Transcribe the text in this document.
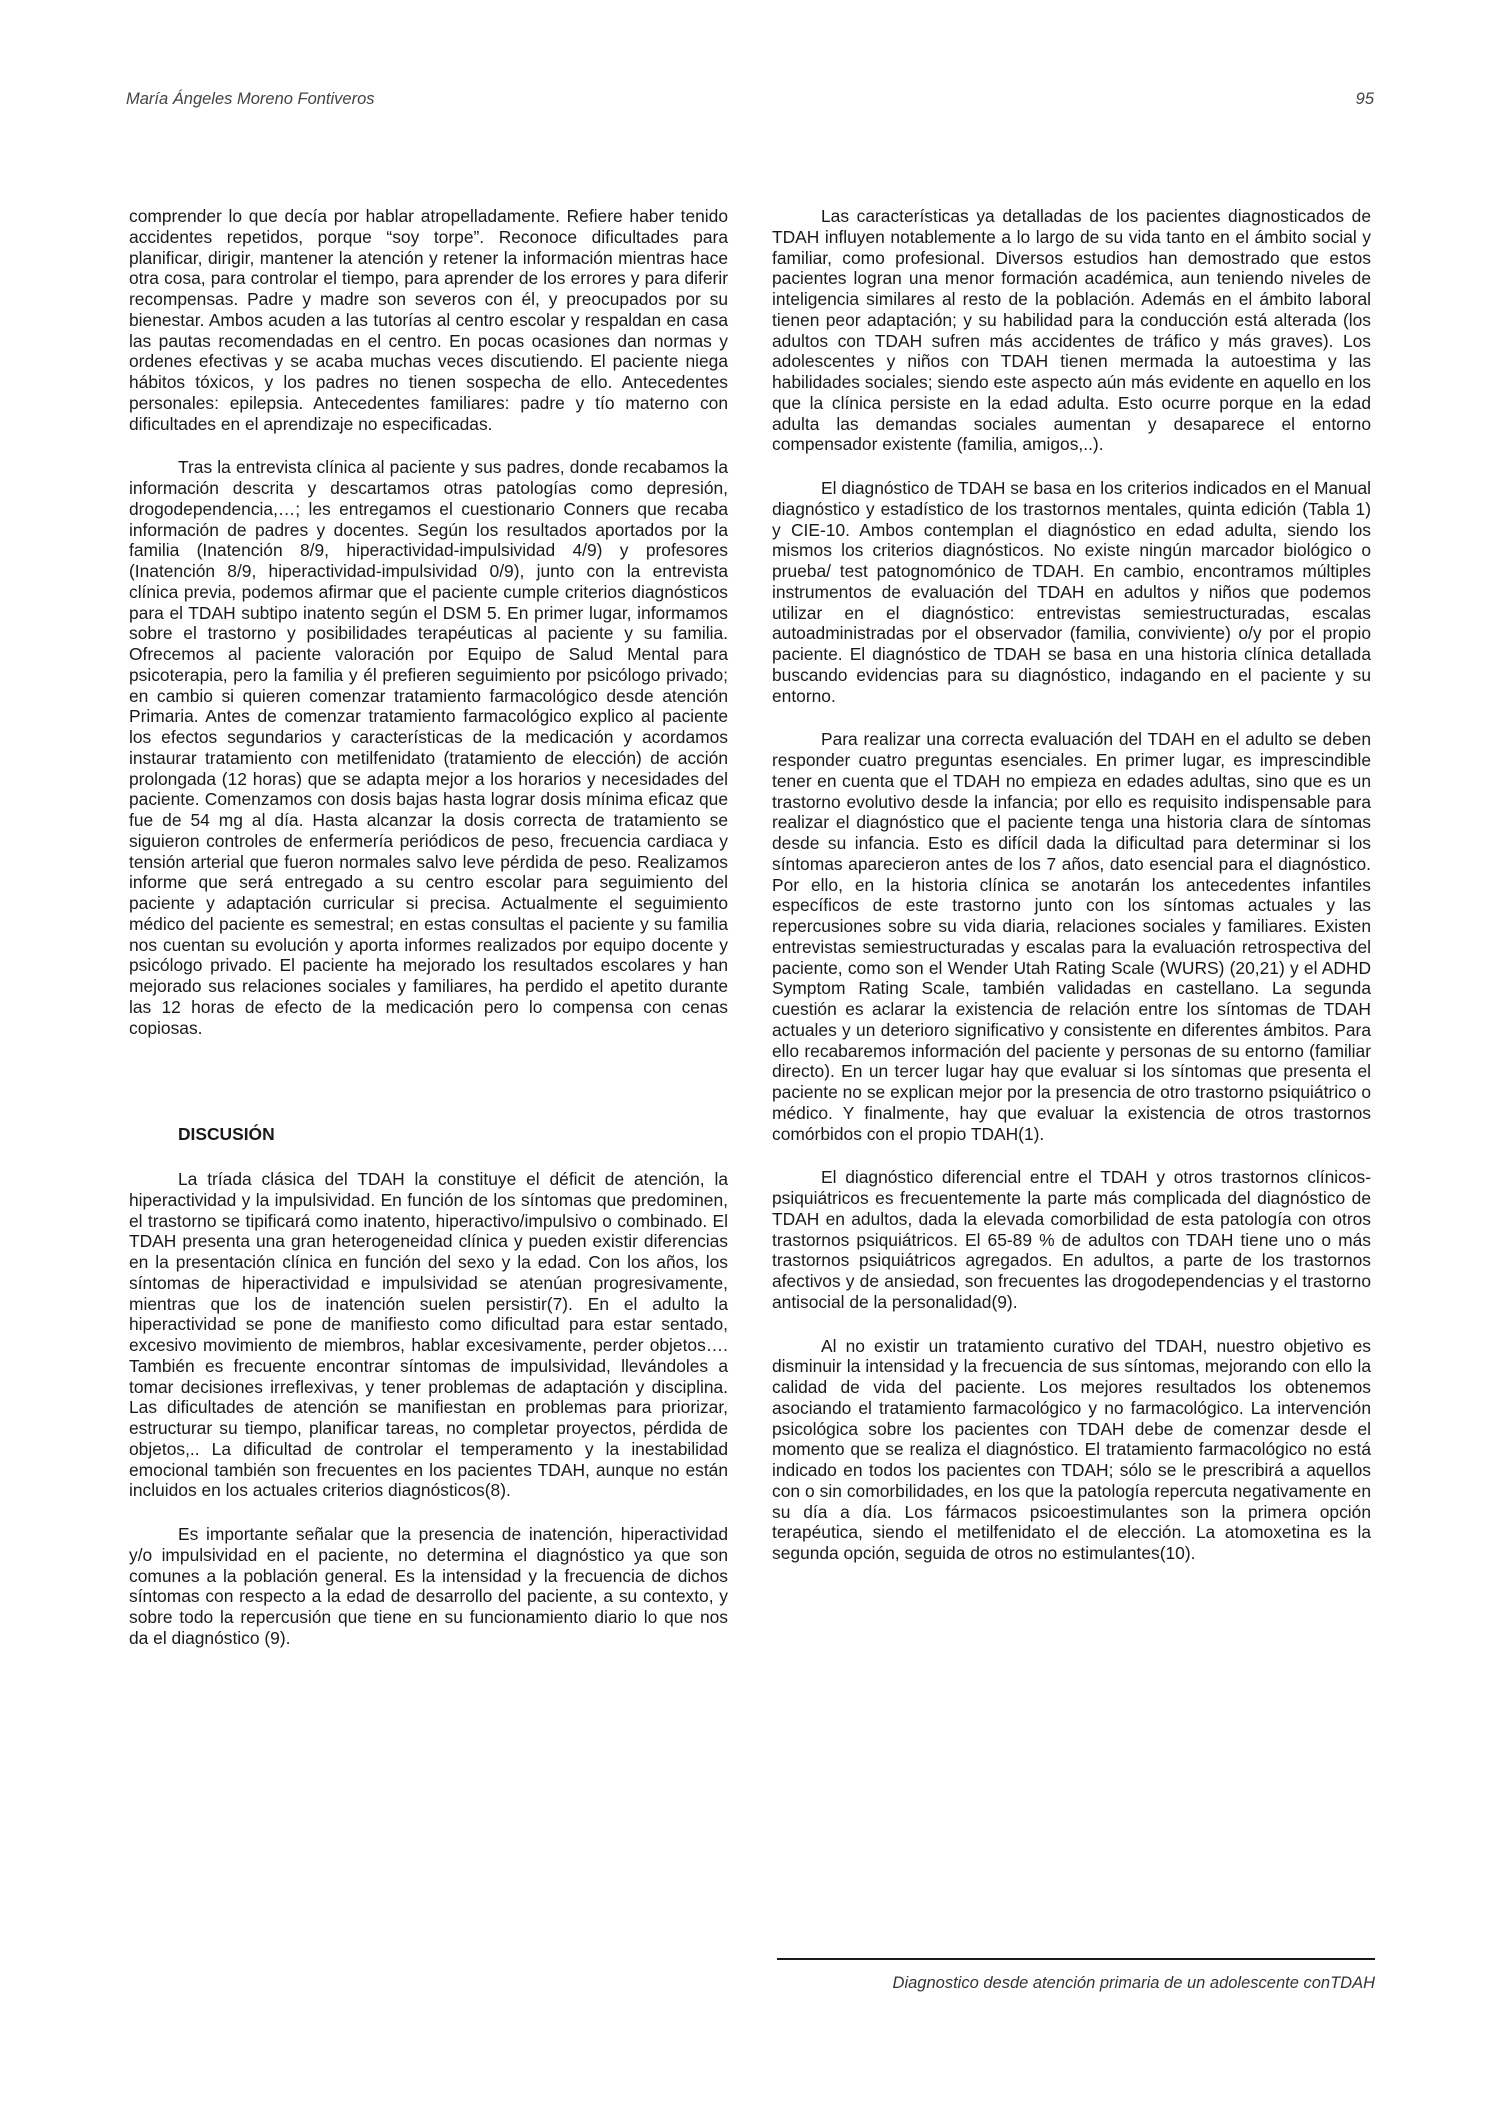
María Ángeles Moreno Fontiveros	95

comprender lo que decía por hablar atropelladamente. Refiere haber tenido accidentes repetidos, porque “soy torpe”. Reconoce dificultades para planificar, dirigir, mantener la atención y retener la información mientras hace otra cosa, para controlar el tiempo, para aprender de los errores y para diferir recompensas. Padre y madre son severos con él, y preocupados por su bienestar. Ambos acuden a las tutorías al centro escolar y respaldan en casa las pautas recomendadas en el centro. En pocas ocasiones dan normas y ordenes efectivas y se acaba muchas veces discutiendo. El paciente niega hábitos tóxicos, y los padres no tienen sospecha de ello. Antecedentes personales: epilepsia. Antecedentes familiares: padre y tío materno con dificultades en el aprendizaje no especificadas.

Tras la entrevista clínica al paciente y sus padres, donde recabamos la información descrita y descartamos otras patologías como depresión, drogodependencia,…; les entregamos el cuestionario Conners que recaba información de padres y docentes. Según los resultados aportados por la familia (Inatención 8/9, hiperactividad-impulsividad 4/9) y profesores (Inatención 8/9, hiperactividad-impulsividad 0/9), junto con la entrevista clínica previa, podemos afirmar que el paciente cumple criterios diagnósticos para el TDAH subtipo inatento según el DSM 5. En primer lugar, informamos sobre el trastorno y posibilidades terapéuticas al paciente y su familia. Ofrecemos al paciente valoración por Equipo de Salud Mental para psicoterapia, pero la familia y él prefieren seguimiento por psicólogo privado; en cambio si quieren comenzar tratamiento farmacológico desde atención Primaria. Antes de comenzar tratamiento farmacológico explico al paciente los efectos segundarios y características de la medicación y acordamos instaurar tratamiento con metilfenidato (tratamiento de elección) de acción prolongada (12 horas) que se adapta mejor a los horarios y necesidades del paciente. Comenzamos con dosis bajas hasta lograr dosis mínima eficaz que fue de 54 mg al día. Hasta alcanzar la dosis correcta de tratamiento se siguieron controles de enfermería periódicos de peso, frecuencia cardiaca y tensión arterial que fueron normales salvo leve pérdida de peso. Realizamos informe que será entregado a su centro escolar para seguimiento del paciente y adaptación curricular si precisa. Actualmente el seguimiento médico del paciente es semestral; en estas consultas el paciente y su familia nos cuentan su evolución y aporta informes realizados por equipo docente y psicólogo privado. El paciente ha mejorado los resultados escolares y han mejorado sus relaciones sociales y familiares, ha perdido el apetito durante las 12 horas de efecto de la medicación pero lo compensa con cenas copiosas.

DISCUSIÓN

La tríada clásica del TDAH la constituye el déficit de atención, la hiperactividad y la impulsividad. En función de los síntomas que predominen, el trastorno se tipificará como inatento, hiperactivo/impulsivo o combinado. El TDAH presenta una gran heterogeneidad clínica y pueden existir diferencias en la presentación clínica en función del sexo y la edad. Con los años, los síntomas de hiperactividad e impulsividad se atenúan progresivamente, mientras que los de inatención suelen persistir(7). En el adulto la hiperactividad se pone de manifiesto como dificultad para estar sentado, excesivo movimiento de miembros, hablar excesivamente, perder objetos…. También es frecuente encontrar síntomas de impulsividad, llevándoles a tomar decisiones irreflexivas, y tener problemas de adaptación y disciplina. Las dificultades de atención se manifiestan en problemas para priorizar, estructurar su tiempo, planificar tareas, no completar proyectos, pérdida de objetos,.. La dificultad de controlar el temperamento y la inestabilidad emocional también son frecuentes en los pacientes TDAH, aunque no están incluidos en los actuales criterios diagnósticos(8).

Es importante señalar que la presencia de inatención, hiperactividad y/o impulsividad en el paciente, no determina el diagnóstico ya que son comunes a la población general. Es la intensidad y la frecuencia de dichos síntomas con respecto a la edad de desarrollo del paciente, a su contexto, y sobre todo la repercusión que tiene en su funcionamiento diario lo que nos da el diagnóstico (9).

Las características ya detalladas de los pacientes diagnosticados de TDAH influyen notablemente a lo largo de su vida tanto en el ámbito social y familiar, como profesional. Diversos estudios han demostrado que estos pacientes logran una menor formación académica, aun teniendo niveles de inteligencia similares al resto de la población. Además en el ámbito laboral tienen peor adaptación; y su habilidad para la conducción está alterada (los adultos con TDAH sufren más accidentes de tráfico y más graves). Los adolescentes y niños con TDAH tienen mermada la autoestima y las habilidades sociales; siendo este aspecto aún más evidente en aquello en los que la clínica persiste en la edad adulta. Esto ocurre porque en la edad adulta las demandas sociales aumentan y desaparece el entorno compensador existente (familia, amigos,..).

El diagnóstico de TDAH se basa en los criterios indicados en el Manual diagnóstico y estadístico de los trastornos mentales, quinta edición (Tabla 1) y CIE-10. Ambos contemplan el diagnóstico en edad adulta, siendo los mismos los criterios diagnósticos. No existe ningún marcador biológico o prueba/ test patognomónico de TDAH. En cambio, encontramos múltiples instrumentos de evaluación del TDAH en adultos y niños que podemos utilizar en el diagnóstico: entrevistas semiestructuradas, escalas autoadministradas por el observador (familia, conviviente) o/y por el propio paciente. El diagnóstico de TDAH se basa en una historia clínica detallada buscando evidencias para su diagnóstico, indagando en el paciente y su entorno.

Para realizar una correcta evaluación del TDAH en el adulto se deben responder cuatro preguntas esenciales. En primer lugar, es imprescindible tener en cuenta que el TDAH no empieza en edades adultas, sino que es un trastorno evolutivo desde la infancia; por ello es requisito indispensable para realizar el diagnóstico que el paciente tenga una historia clara de síntomas desde su infancia. Esto es difícil dada la dificultad para determinar si los síntomas aparecieron antes de los 7 años, dato esencial para el diagnóstico. Por ello, en la historia clínica se anotarán los antecedentes infantiles específicos de este trastorno junto con los síntomas actuales y las repercusiones sobre su vida diaria, relaciones sociales y familiares. Existen entrevistas semiestructuradas y escalas para la evaluación retrospectiva del paciente, como son el Wender Utah Rating Scale (WURS) (20,21) y el ADHD Symptom Rating Scale, también validadas en castellano. La segunda cuestión es aclarar la existencia de relación entre los síntomas de TDAH actuales y un deterioro significativo y consistente en diferentes ámbitos. Para ello recabaremos información del paciente y personas de su entorno (familiar directo). En un tercer lugar hay que evaluar si los síntomas que presenta el paciente no se explican mejor por la presencia de otro trastorno psiquiátrico o médico. Y finalmente, hay que evaluar la existencia de otros trastornos comórbidos con el propio TDAH(1).

El diagnóstico diferencial entre el TDAH y otros trastornos clínicos-psiquiátricos es frecuentemente la parte más complicada del diagnóstico de TDAH en adultos, dada la elevada comorbilidad de esta patología con otros trastornos psiquiátricos. El 65-89 % de adultos con TDAH tiene uno o más trastornos psiquiátricos agregados. En adultos, a parte de los trastornos afectivos y de ansiedad, son frecuentes las drogodependencias y el trastorno antisocial de la personalidad(9).

Al no existir un tratamiento curativo del TDAH, nuestro objetivo es disminuir la intensidad y la frecuencia de sus síntomas, mejorando con ello la calidad de vida del paciente. Los mejores resultados los obtenemos asociando el tratamiento farmacológico y no farmacológico. La intervención psicológica sobre los pacientes con TDAH debe de comenzar desde el momento que se realiza el diagnóstico. El tratamiento farmacológico no está indicado en todos los pacientes con TDAH; sólo se le prescribirá a aquellos con o sin comorbilidades, en los que la patología repercuta negativamente en su día a día. Los fármacos psicoestimulantes son la primera opción terapéutica, siendo el metilfenidato el de elección. La atomoxetina es la segunda opción, seguida de otros no estimulantes(10).

Diagnostico desde atención primaria de un adolescente conTDAH
